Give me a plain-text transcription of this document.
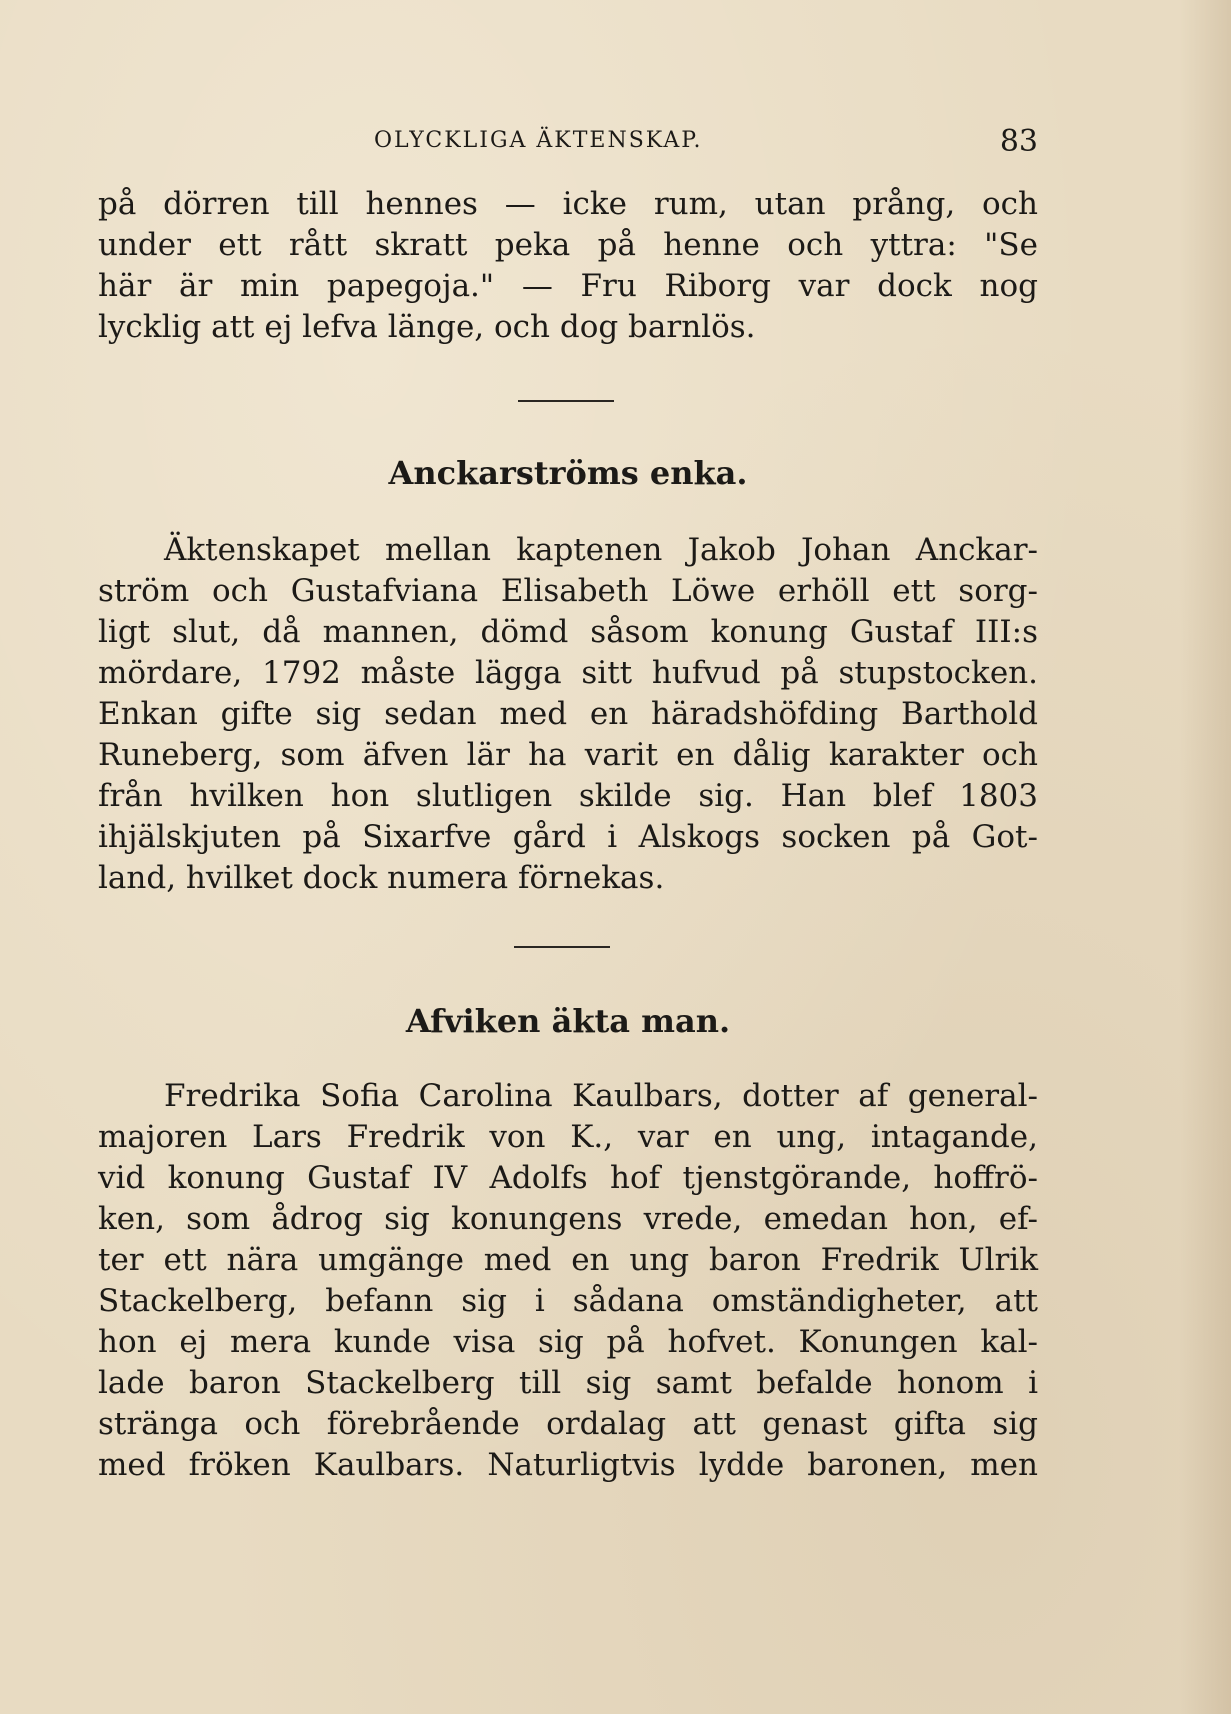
OLYCKLIGA ÄKTENSKAP.	83
på dörren till hennes — icke rum, utan prång, och
under ett rått skratt peka på henne och yttra: "Se
här är min papegoja." — Fru Riborg var dock nog
lycklig att ej lefva länge, och dog barnlös.
Anckarströms enka.
Äktenskapet mellan kaptenen Jakob Johan Anckar-
ström och Gustafviana Elisabeth Löwe erhöll ett sorg-
ligt slut, då mannen, dömd såsom konung Gustaf III:s
mördare, 1792 måste lägga sitt hufvud på stupstocken.
Enkan gifte sig sedan med en häradshöfding Barthold
Runeberg, som äfven lär ha varit en dålig karakter och
från hvilken hon slutligen skilde sig. Han blef 1803
ihjälskjuten på Sixarfve gård i Alskogs socken på Got-
land, hvilket dock numera förnekas.
Afviken äkta man.
Fredrika Sofia Carolina Kaulbars, dotter af general-
majoren Lars Fredrik von K., var en ung, intagande,
vid konung Gustaf IV Adolfs hof tjenstgörande, hoffrö-
ken, som ådrog sig konungens vrede, emedan hon, ef-
ter ett nära umgänge med en ung baron Fredrik Ulrik
Stackelberg, befann sig i sådana omständigheter, att
hon ej mera kunde visa sig på hofvet. Konungen kal-
lade baron Stackelberg till sig samt befalde honom i
stränga och förebrående ordalag att genast gifta sig
med fröken Kaulbars. Naturligtvis lydde baronen, men
